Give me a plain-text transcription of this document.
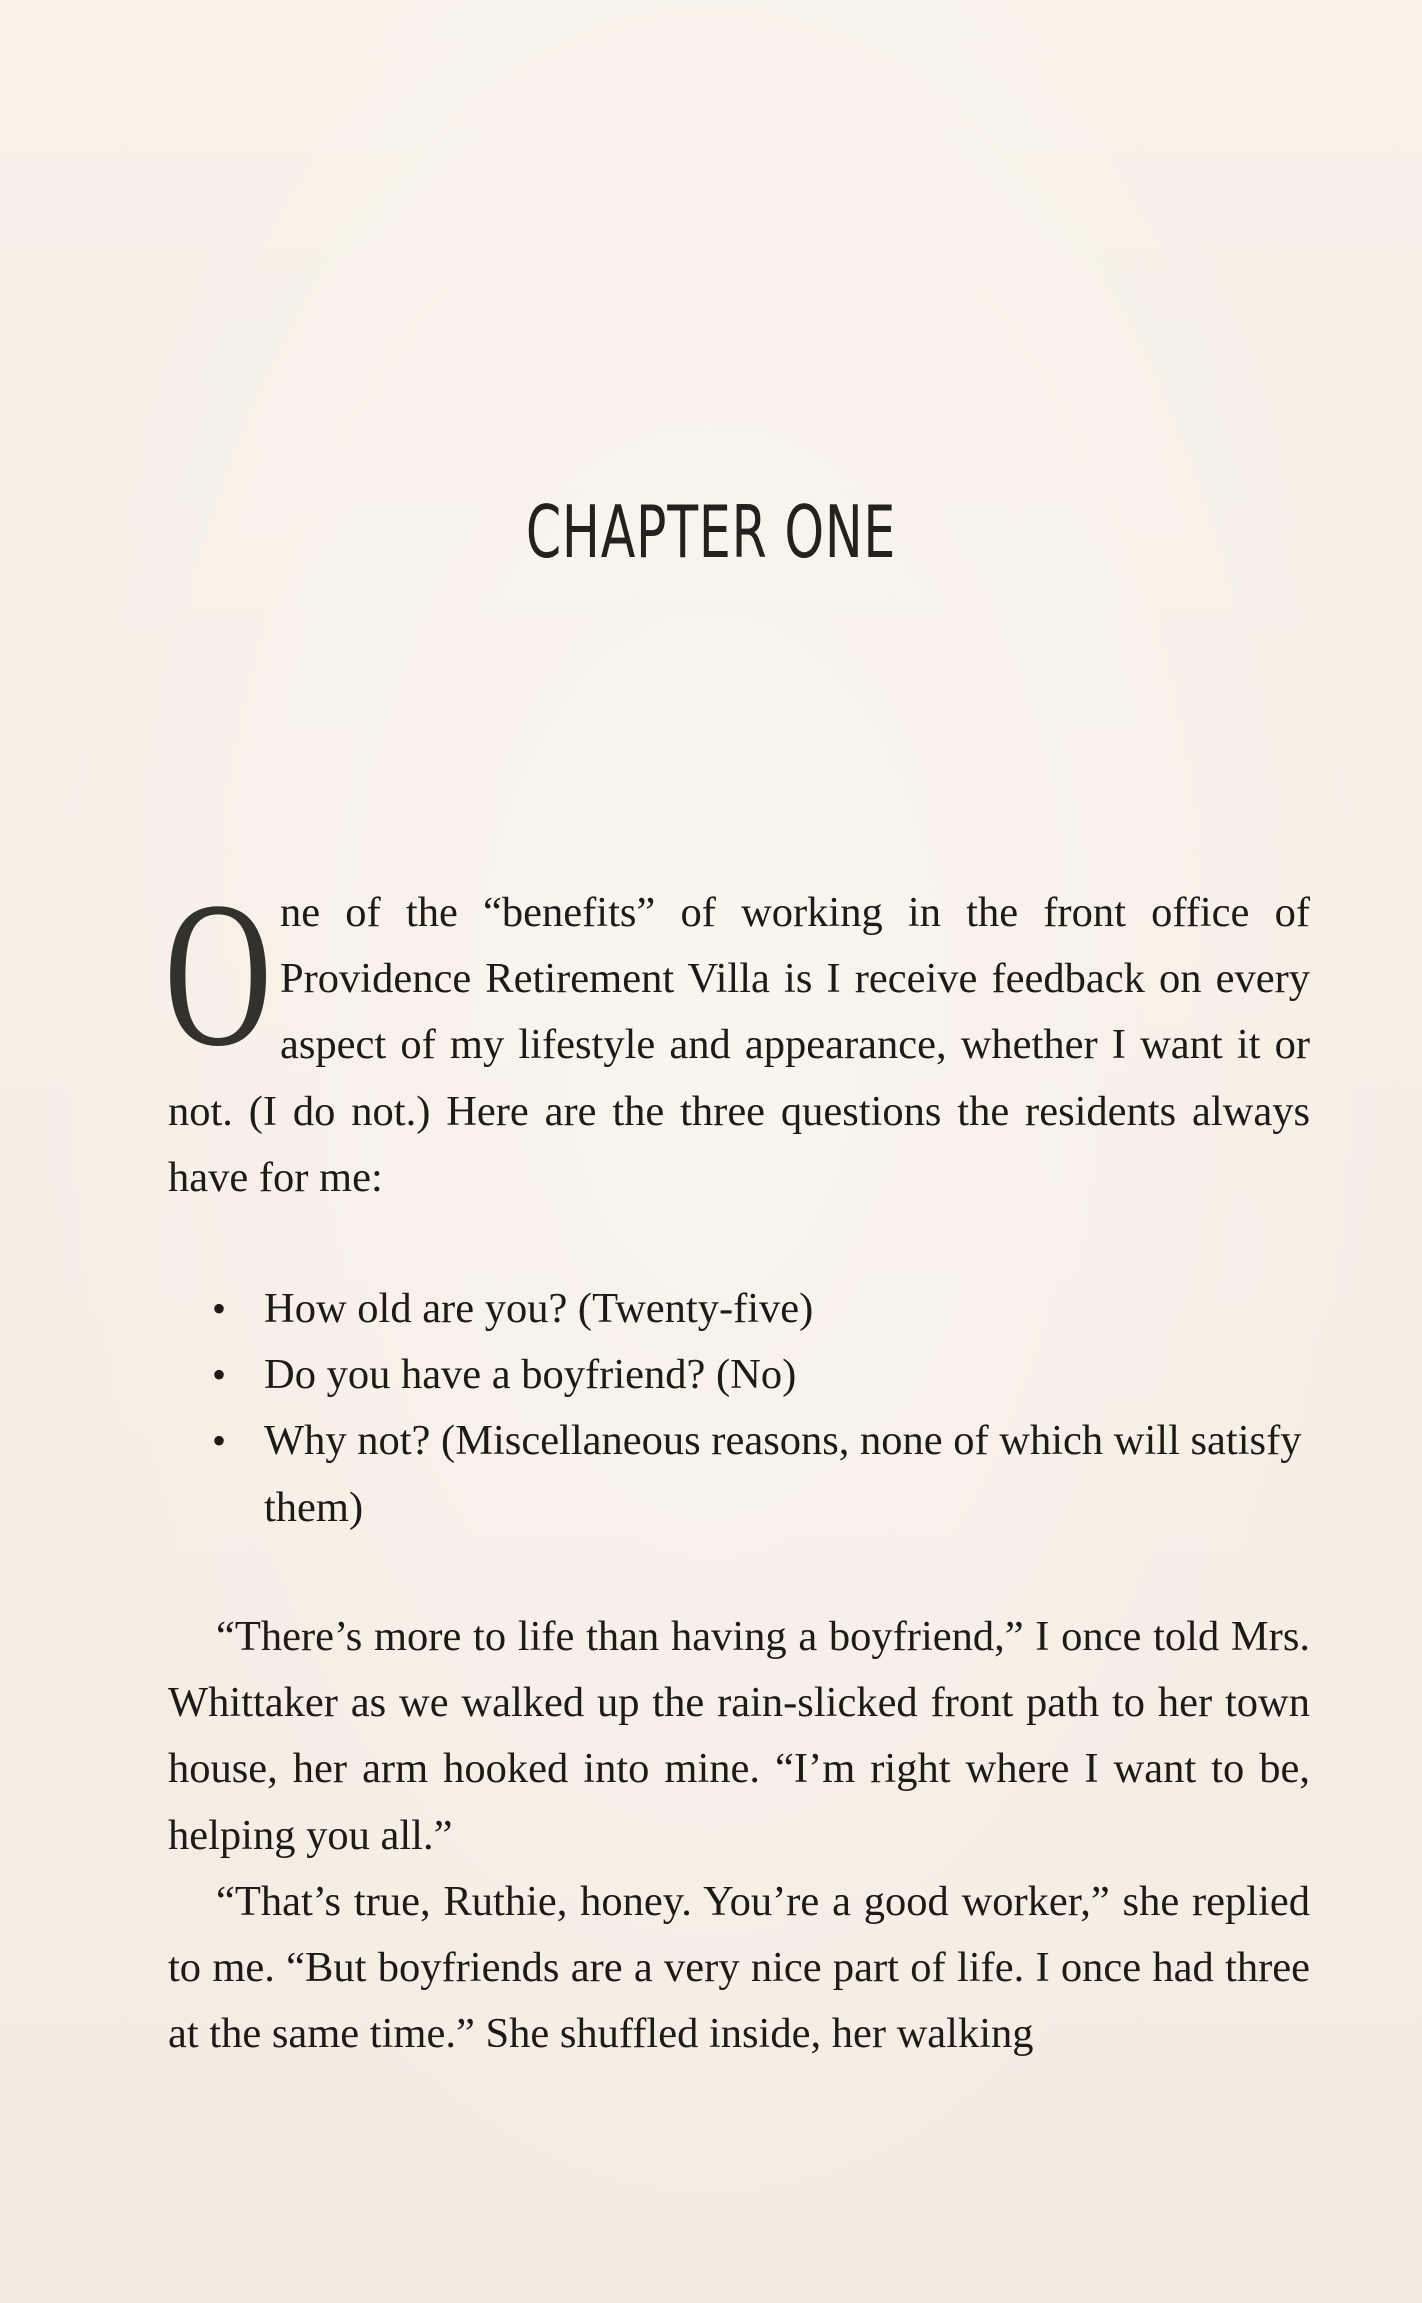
CHAPTER ONE
O ne of the “benefits” of working in the front office of Providence Retirement Villa is I receive feedback on every aspect of my lifestyle and appearance, whether I want it or not. (I do not.) Here are the three questions the residents always have for me:
• How old are you? (Twenty-five)
• Do you have a boyfriend? (No)
• Why not? (Miscellaneous reasons, none of which will satisfy them)

“There’s more to life than having a boyfriend,” I once told Mrs. Whittaker as we walked up the rain-slicked front path to her town house, her arm hooked into mine. “I’m right where I want to be, helping you all.”

“That’s true, Ruthie, honey. You’re a good worker,” she replied to me. “But boyfriends are a very nice part of life. I once had three at the same time.” She shuffled inside, her walking
